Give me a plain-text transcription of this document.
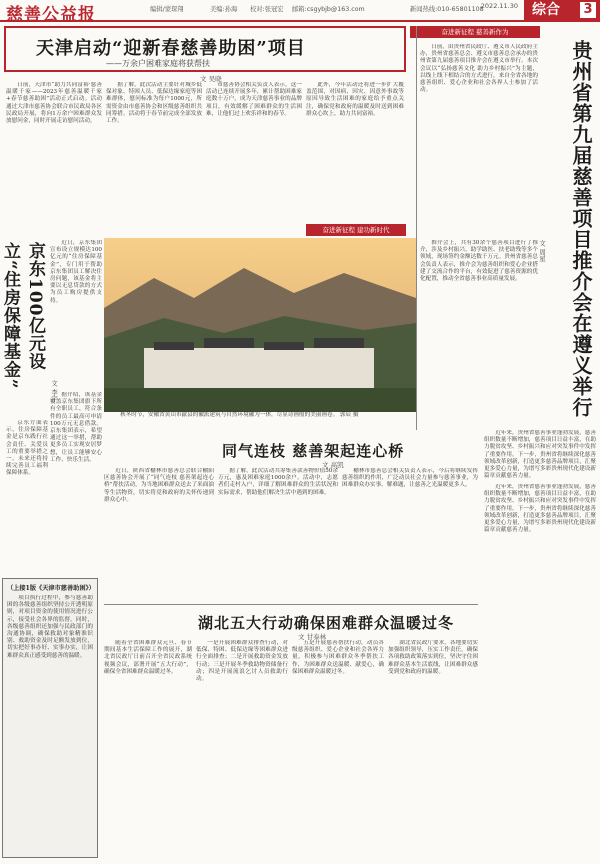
慈善公益报	编辑/蒙琛翔	美编:孙海 校对:张冠宏 邮箱:csgybjb@163.com	新闻热线:010-65801108
2022.11.30	综合 3
天津启动“迎新春慈善助困”项目
——万余户困难家庭将获帮扶
文 吴晓

日前，天津市“助力共同富裕·慈善温暖千家——2023年慈善温暖千家+春节慈善助困”活动正式启动。活动通过大津市慈善协会联合市民政局各区民政局开展，将向1万余户困难群众发放慰问金，同时开展走访慰问活动。

据了解，此次活动主要针对城乡低保对象、特困人员、低保边缘家庭等困难群体，慰问标准为每户1000元，所需资金由市慈善协会和区级慈善组织共同筹措。活动将于春节前完成全部发放工作。

市慈善协会相关负责人表示，这一活动已连续开展多年，累计帮助困难家庭数十万户，成为天津慈善事业的品牌项目，有效缓解了困难群众的生活困难，让他们过上欢乐祥和的春节。

此外，今年活动还将进一步扩大覆盖范围，对因病、因灾、因意外事故等原因导致生活困难的家庭给予重点关注，确保党和政府的温暖及时送到困难群众心坎上，助力共同富裕。

奋进新征程 建功新时代
奋进新征程 慈善新作为
贵州省第九届慈善项目推介会在遵义举行
文 周星

日前，由贵州省民政厅、遵义市人民政府主办，贵州省慈善总会、遵义市慈善总会承办的贵州省第九届慈善项目推介会在遵义市举行。本次会议以“弘扬慈善文化 助力乡村振兴”为主题，以线上线下相结合的方式进行，来自全省各地的慈善组织、爱心企业和社会各界人士参加了活动。

推介会上，共有30余个慈善项目进行了推介，涉及乡村振兴、助学助医、扶老助残等多个领域，现场签约金额达数千万元。贵州省慈善总会负责人表示，推介会为慈善组织和爱心企业搭建了交流合作的平台，有效促进了慈善资源的优化配置，推动全省慈善事业高质量发展。

近年来，贵州省慈善事业蓬勃发展，慈善组织数量不断增加，慈善项目日益丰富，在助力脱贫攻坚、乡村振兴和应对突发事件中发挥了重要作用。下一步，贵州省将继续深化慈善领域改革创新，打造更多慈善品牌项目，汇聚更多爱心力量，为谱写多彩贵州现代化建设新篇章贡献慈善力量。

京东100亿元设立“住房保障基金”
文 李宇

近日，京东集团宣布设立规模达100亿元的“住房保障基金”，专门用于帮助京东集团员工解决住房问题，该基金将主要以无息贷款的方式为员工购房提供支持。

据介绍，该基金覆盖京东集团旗下所有全职员工，符合条件的员工最高可申请100万元无息借款。京东集团表示，希望通过这一举措，帮助更多员工实现安居梦想，让员工能够安心工作、快乐生活。

京东方面表示，住房保障基金是京东践行社会责任、关爱员工的重要举措之一，未来还将持续完善员工福利保障体系。

秋冬时节，安徽省黄山市歙县的徽派建筑与自然环境融为一体，尽显诗画般的美丽画卷。 郭辰 摄
同气连枝 慈善架起连心桥
文 高凯

近日，陕西省榆林市慈善总会联合榆阳区慈善协会开展了“同气连枝 慈善架起连心桥”帮扶活动，为当地困难群众送去了米面油等生活物资，切实将党和政府的关怀传递到群众心中。

据了解，此次活动共筹集善款善物价值50余万元，惠及困难家庭1000余户。活动中，志愿者们走村入户，详细了解困难群众的生活状况和实际需求，帮助他们解决生活中遇到的困难。

榆林市慈善总会相关负责人表示，今后将继续发挥慈善组织的作用，广泛动员社会力量参与慈善事业，为困难群众办实事、解难题，让慈善之光温暖更多人。

湖北五大行动确保困难群众温暖过冬
文 甘泰林

随着全省困难群众元旦、春节期间基本生活保障工作的展开，湖北省民政厅日前召开全省民政系统视频会议，部署开展“五大行动”，确保全省困难群众温暖过冬。

一是开展困难群众排查行动，对低保、特困、低保边缘等困难群众进行全面排查；二是开展救助资金发放行动；三是开展冬季救助物资储备行动；四是开展流浪乞讨人员救助行动。

五是开展慈善帮扶行动，动员各级慈善组织、爱心企业和社会各界力量，积极参与困难群众冬季帮扶工作，为困难群众送温暖、献爱心，确保困难群众温暖过冬。

湖北省民政厅要求，各地要切实加强组织领导，压实工作责任，确保各项救助政策落实到位，坚决守住困难群众基本生活底线，让困难群众感受到党和政府的温暖。

近年来，贵州省慈善事业蓬勃发展，慈善组织数量不断增加，慈善项目日益丰富，在助力脱贫攻坚、乡村振兴和应对突发事件中发挥了重要作用。下一步，贵州省将继续深化慈善领域改革创新，打造更多慈善品牌项目，汇聚更多爱心力量，为谱写多彩贵州现代化建设新篇章贡献慈善力量。

（上接1版《天津市慈善助困》）

项目执行过程中，参与慈善助困的各级慈善组织坚持公开透明原则，对项目资金的使用情况进行公示，接受社会各界的监督。同时，各级慈善组织还加强与民政部门的沟通协调，确保救助对象精准识别、救助资金及时足额发放到位，切实把好事办好、实事办实，让困难群众真正感受到慈善的温暖。
